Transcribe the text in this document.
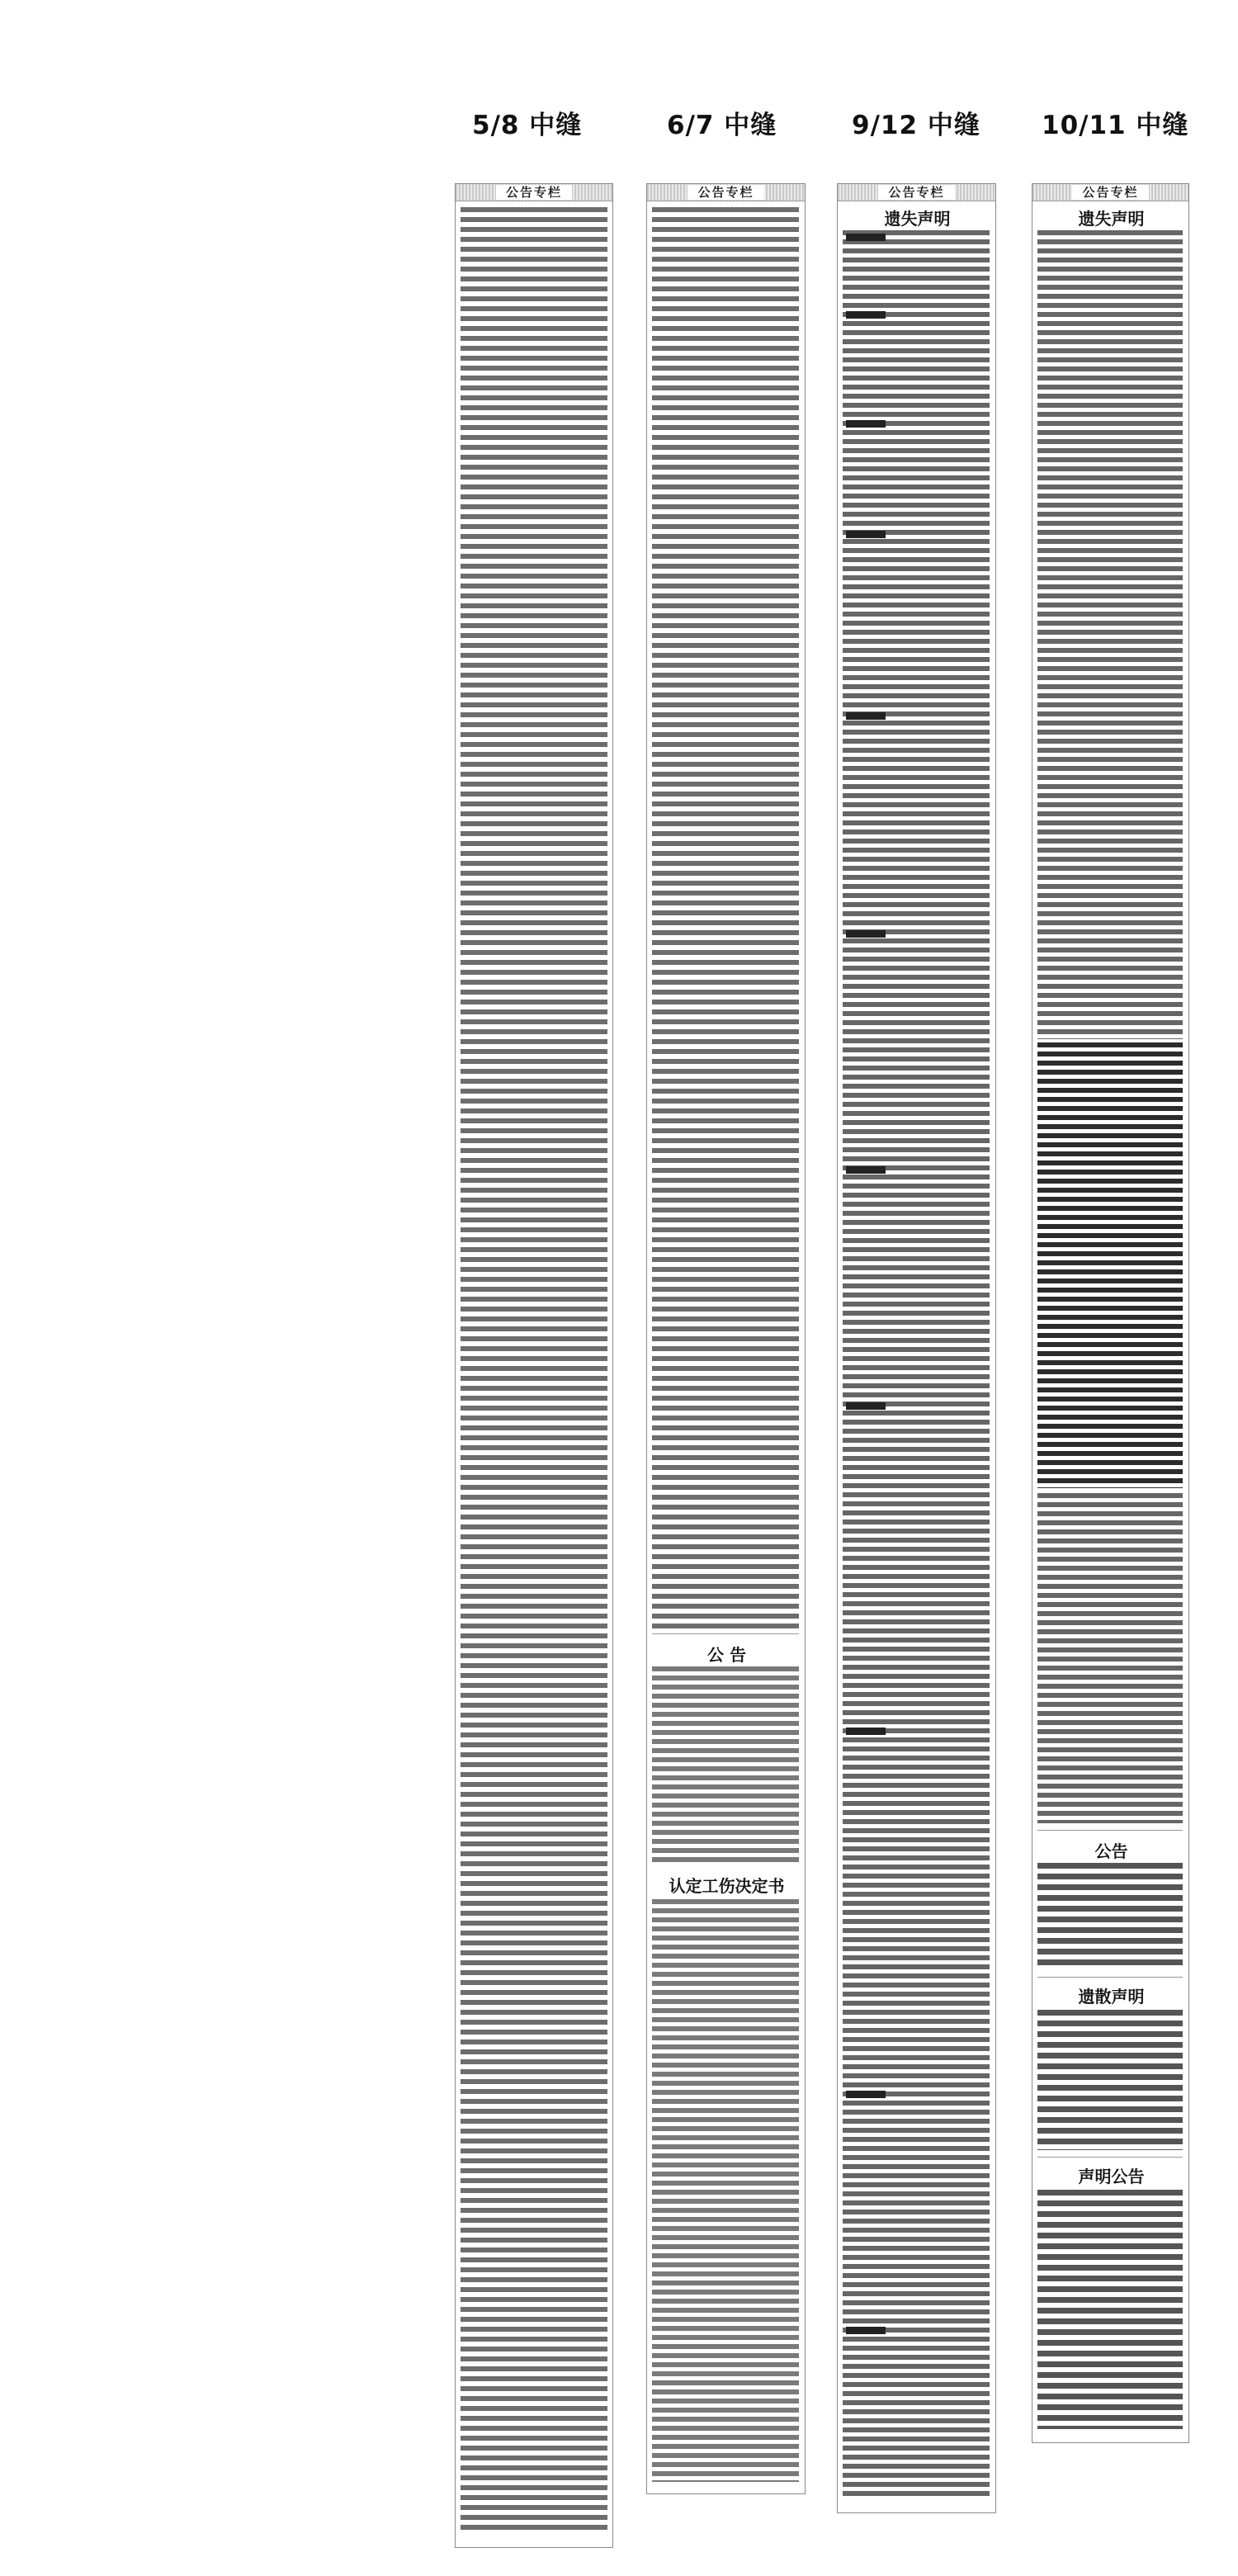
5/8 中缝	6/7 中缝	9/12 中缝 10/11 中缝
公告专栏	公告专栏
公 告
认定工伤决定书
公告专栏
遗失声明
公告专栏
遗失声明
公告
遗散声明
声明公告
